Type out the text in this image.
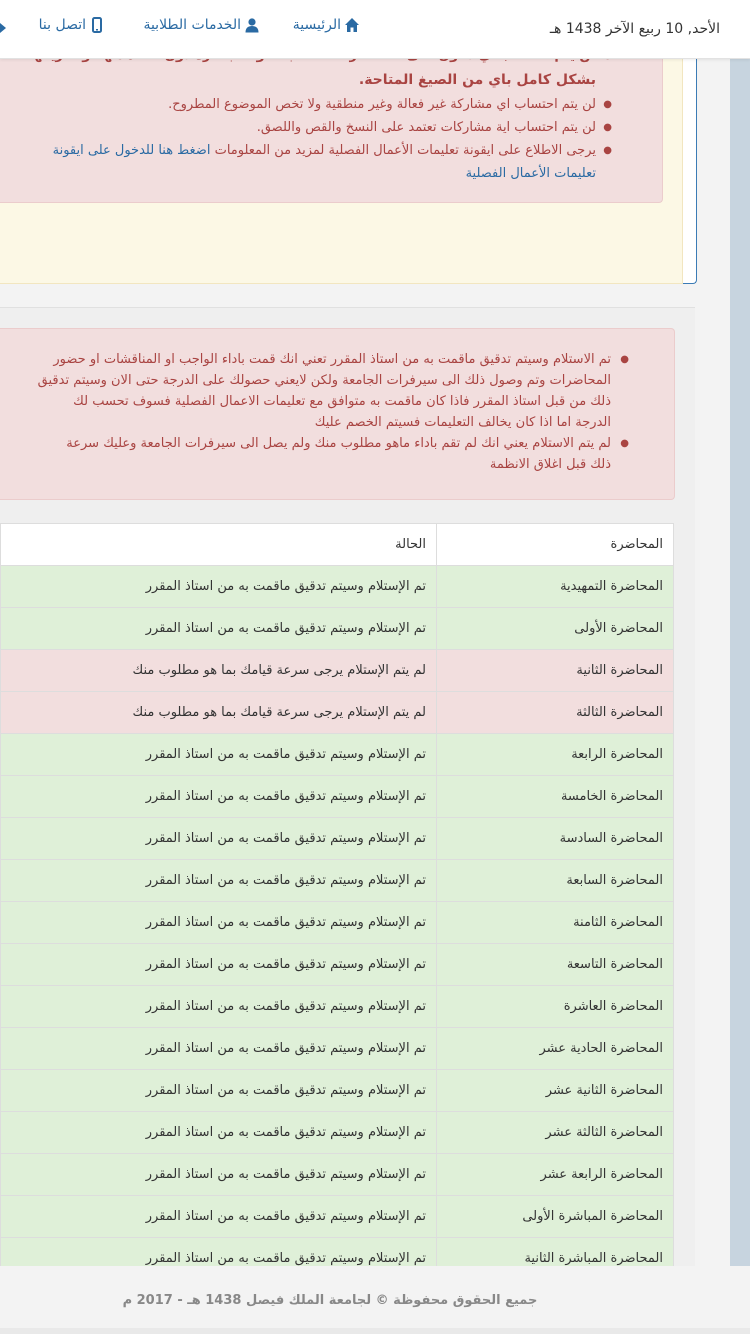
الأحد, 10 ربيع الآخر 1438 هـ
الرئيسية
الخدمات الطلابية
اتصل بنا
بشكل كامل باي من الصيغ المتاحة.
●
لن يتم احتساب اي مشاركة غير فعالة وغير منطقية ولا تخص الموضوع المطروح.
●
لن يتم احتساب اية مشاركات تعتمد على النسخ والقص واللصق.
●
يرجى الاطلاع على ايقونة تعليمات الأعمال الفصلية لمزيد من المعلومات اضغط هنا للدخول على ايقونة
تعليمات الأعمال الفصلية
●
تم الاستلام وسيتم تدقيق ماقمت به من استاذ المقرر تعني انك قمت باداء الواجب او المناقشات او حضور
المحاضرات وتم وصول ذلك الى سيرفرات الجامعة ولكن لايعني حصولك على الدرجة حتى الان وسيتم تدقيق
ذلك من قبل استاذ المقرر فاذا كان ماقمت به متوافق مع تعليمات الاعمال الفصلية فسوف تحسب لك
الدرجة اما اذا كان يخالف التعليمات فسيتم الخصم عليك
●
لم يتم الاستلام يعني انك لم تقم باداء ماهو مطلوب منك ولم يصل الى سيرفرات الجامعة وعليك سرعة
ذلك قبل اغلاق الانظمة
المحاضرة	الحالة
المحاضرة التمهيدية	تم الإستلام وسيتم تدقيق ماقمت به من استاذ المقرر
المحاضرة الأولى	تم الإستلام وسيتم تدقيق ماقمت به من استاذ المقرر
المحاضرة الثانية	لم يتم الإستلام يرجى سرعة قيامك بما هو مطلوب منك
المحاضرة الثالثة	لم يتم الإستلام يرجى سرعة قيامك بما هو مطلوب منك
المحاضرة الرابعة	تم الإستلام وسيتم تدقيق ماقمت به من استاذ المقرر
المحاضرة الخامسة	تم الإستلام وسيتم تدقيق ماقمت به من استاذ المقرر
المحاضرة السادسة	تم الإستلام وسيتم تدقيق ماقمت به من استاذ المقرر
المحاضرة السابعة	تم الإستلام وسيتم تدقيق ماقمت به من استاذ المقرر
المحاضرة الثامنة	تم الإستلام وسيتم تدقيق ماقمت به من استاذ المقرر
المحاضرة التاسعة	تم الإستلام وسيتم تدقيق ماقمت به من استاذ المقرر
المحاضرة العاشرة	تم الإستلام وسيتم تدقيق ماقمت به من استاذ المقرر
المحاضرة الحادية عشر	تم الإستلام وسيتم تدقيق ماقمت به من استاذ المقرر
المحاضرة الثانية عشر	تم الإستلام وسيتم تدقيق ماقمت به من استاذ المقرر
المحاضرة الثالثة عشر	تم الإستلام وسيتم تدقيق ماقمت به من استاذ المقرر
المحاضرة الرابعة عشر	تم الإستلام وسيتم تدقيق ماقمت به من استاذ المقرر
المحاضرة المباشرة الأولى	تم الإستلام وسيتم تدقيق ماقمت به من استاذ المقرر
المحاضرة المباشرة الثانية	تم الإستلام وسيتم تدقيق ماقمت به من استاذ المقرر
جميع الحقوق محفوظة © لجامعة الملك فيصل 1438 هـ - 2017 م
